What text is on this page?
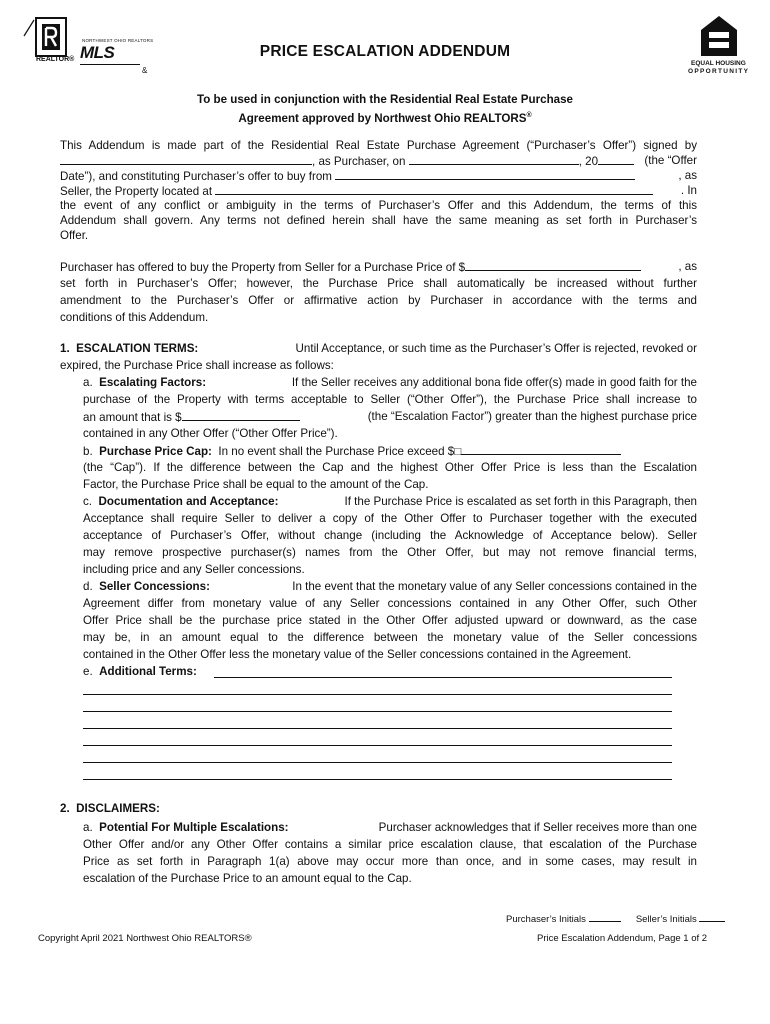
REALTOR®
NORTHWEST OHIO REALTORS
MLS
&
EQUAL HOUSING
OPPORTUNITY
PRICE ESCALATION ADDENDUM
To be used in conjunction with the Residential Real Estate Purchase
Agreement approved by Northwest Ohio REALTORS®
This Addendum is made part of the Residential Real Estate Purchase Agreement (“Purchaser’s Offer”) signed by
, as Purchaser, on	, 20	(the “Offer
Date”), and constituting Purchaser’s offer to buy from	, as
Seller, the Property located at	. In
the event of any conflict or ambiguity in the terms of Purchaser’s Offer and this Addendum, the terms of this
Addendum shall govern. Any terms not defined herein shall have the same meaning as set forth in Purchaser’s
Offer.
Purchaser has offered to buy the Property from Seller for a Purchase Price of $	, as
set forth in Purchaser’s Offer; however, the Purchase Price shall automatically be increased without further
amendment to the Purchaser’s Offer or affirmative action by Purchaser in accordance with the terms and
conditions of this Addendum.
1. ESCALATION TERMS:	Until Acceptance, or such time as the Purchaser’s Offer is rejected, revoked or
expired, the Purchase Price shall increase as follows:
a. Escalating Factors:	If the Seller receives any additional bona fide offer(s) made in good faith for the
purchase of the Property with terms acceptable to Seller (“Other Offer”), the Purchase Price shall increase to
an amount that is $	(the “Escalation Factor”) greater than the highest purchase price
contained in any Other Offer (“Other Offer Price”).
b. Purchase Price Cap: In no event shall the Purchase Price exceed $□
(the “Cap”). If the difference between the Cap and the highest Other Offer Price is less than the Escalation
Factor, the Purchase Price shall be equal to the amount of the Cap.
c. Documentation and Acceptance:	If the Purchase Price is escalated as set forth in this Paragraph, then
Acceptance shall require Seller to deliver a copy of the Other Offer to Purchaser together with the executed
acceptance of Purchaser’s Offer, without change (including the Acknowledge of Acceptance below). Seller
may remove prospective purchaser(s) names from the Other Offer, but may not remove financial terms,
including price and any Seller concessions.
d. Seller Concessions:	In the event that the monetary value of any Seller concessions contained in the
Agreement differ from monetary value of any Seller concessions contained in any Other Offer, such Other
Offer Price shall be the purchase price stated in the Other Offer adjusted upward or downward, as the case
may be, in an amount equal to the difference between the monetary value of the Seller concessions
contained in the Other Offer less the monetary value of the Seller concessions contained in the Agreement.
e. Additional Terms:
2. DISCLAIMERS:
a. Potential For Multiple Escalations:	Purchaser acknowledges that if Seller receives more than one
Other Offer and/or any Other Offer contains a similar price escalation clause, that escalation of the Purchase
Price as set forth in Paragraph 1(a) above may occur more than once, and in some cases, may result in
escalation of the Purchase Price to an amount equal to the Cap.
Purchaser’s Initials	Seller’s Initials
Copyright April 2021 Northwest Ohio REALTORS®	Price Escalation Addendum, Page 1 of 2
